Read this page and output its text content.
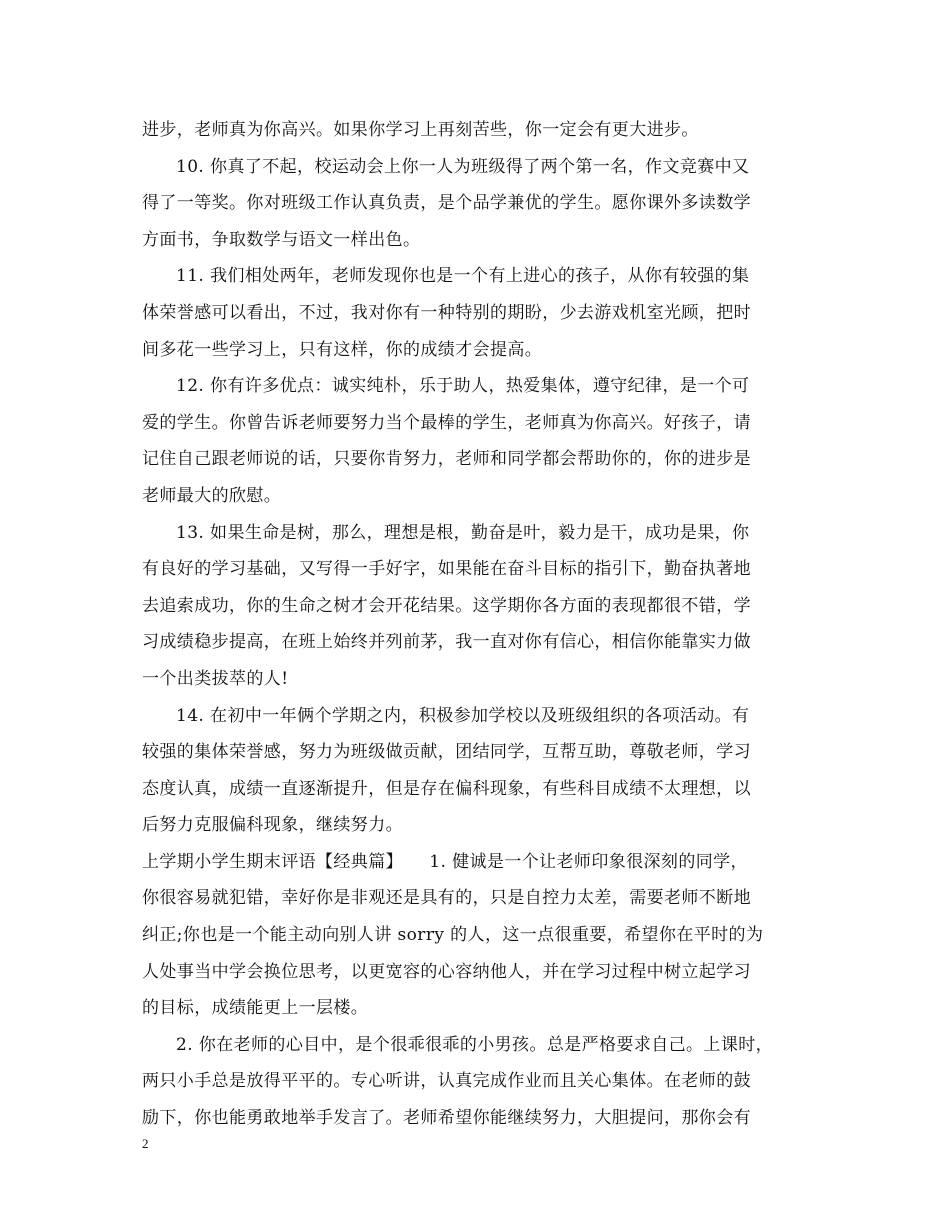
进步，老师真为你高兴。如果你学习上再刻苦些，你一定会有更大进步。
10. 你真了不起，校运动会上你一人为班级得了两个第一名，作文竞赛中又
得了一等奖。你对班级工作认真负责，是个品学兼优的学生。愿你课外多读数学
方面书，争取数学与语文一样出色。
11. 我们相处两年，老师发现你也是一个有上进心的孩子，从你有较强的集
体荣誉感可以看出，不过，我对你有一种特别的期盼，少去游戏机室光顾，把时
间多花一些学习上，只有这样，你的成绩才会提高。
12. 你有许多优点：诚实纯朴，乐于助人，热爱集体，遵守纪律，是一个可
爱的学生。你曾告诉老师要努力当个最棒的学生，老师真为你高兴。好孩子，请
记住自己跟老师说的话，只要你肯努力，老师和同学都会帮助你的，你的进步是
老师最大的欣慰。
13. 如果生命是树，那么，理想是根，勤奋是叶，毅力是干，成功是果，你
有良好的学习基础，又写得一手好字，如果能在奋斗目标的指引下，勤奋执著地
去追索成功，你的生命之树才会开花结果。这学期你各方面的表现都很不错，学
习成绩稳步提高，在班上始终并列前茅，我一直对你有信心，相信你能靠实力做
一个出类拔萃的人!
14. 在初中一年俩个学期之内，积极参加学校以及班级组织的各项活动。有
较强的集体荣誉感，努力为班级做贡献，团结同学，互帮互助，尊敬老师，学习
态度认真，成绩一直逐渐提升，但是存在偏科现象，有些科目成绩不太理想，以
后努力克服偏科现象，继续努力。
上学期小学生期末评语【经典篇】　　1. 健诚是一个让老师印象很深刻的同学，
你很容易就犯错，幸好你是非观还是具有的，只是自控力太差，需要老师不断地
纠正;你也是一个能主动向别人讲 sorry 的人，这一点很重要，希望你在平时的为
人处事当中学会换位思考，以更宽容的心容纳他人，并在学习过程中树立起学习
的目标，成绩能更上一层楼。
2. 你在老师的心目中，是个很乖很乖的小男孩。总是严格要求自己。上课时，
两只小手总是放得平平的。专心听讲，认真完成作业而且关心集体。在老师的鼓
励下，你也能勇敢地举手发言了。老师希望你能继续努力，大胆提问，那你会有
2
